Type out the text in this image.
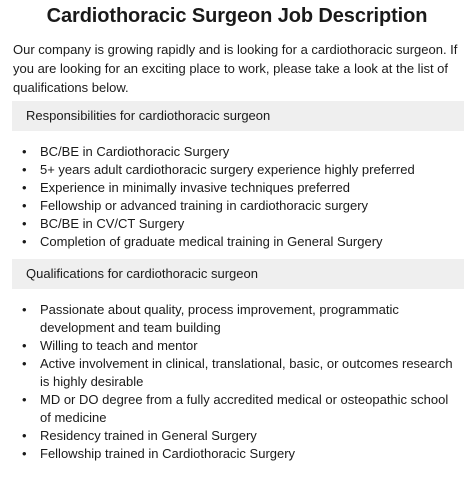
Cardiothoracic Surgeon Job Description
Our company is growing rapidly and is looking for a cardiothoracic surgeon. If you are looking for an exciting place to work, please take a look at the list of qualifications below.
Responsibilities for cardiothoracic surgeon
• BC/BE in Cardiothoracic Surgery
• 5+ years adult cardiothoracic surgery experience highly preferred
• Experience in minimally invasive techniques preferred
• Fellowship or advanced training in cardiothoracic surgery
• BC/BE in CV/CT Surgery
• Completion of graduate medical training in General Surgery
Qualifications for cardiothoracic surgeon
• Passionate about quality, process improvement, programmatic development and team building
• Willing to teach and mentor
• Active involvement in clinical, translational, basic, or outcomes research is highly desirable
• MD or DO degree from a fully accredited medical or osteopathic school of medicine
• Residency trained in General Surgery
• Fellowship trained in Cardiothoracic Surgery
